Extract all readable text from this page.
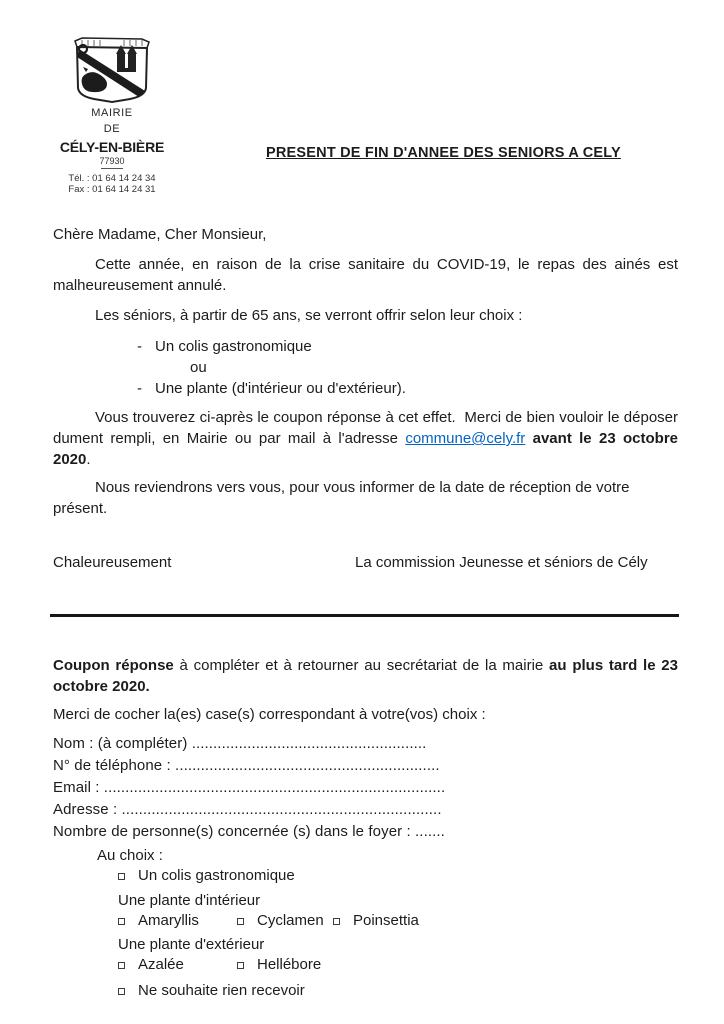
MAIRIE
DE
CÉLY-EN-BIÈRE
77930
Tél. : 01 64 14 24 34
Fax : 01 64 14 24 31
PRESENT DE FIN D'ANNEE DES SENIORS A CELY

Chère Madame, Cher Monsieur,

Cette année, en raison de la crise sanitaire du COVID-19, le repas des ainés est malheureusement annulé.

Les séniors, à partir de 65 ans, se verront offrir selon leur choix :

- Un colis gastronomique
ou
- Une plante (d'intérieur ou d'extérieur).

Vous trouverez ci-après le coupon réponse à cet effet.  Merci de bien vouloir le déposer dument rempli, en Mairie ou par mail à l'adresse commune@cely.fr avant le 23 octobre 2020.

Nous reviendrons vers vous, pour vous informer de la date de réception de votre présent.

Chaleureusement	La commission Jeunesse et séniors de Cély

Coupon réponse à compléter et à retourner au secrétariat de la mairie au plus tard le 23 octobre 2020.

Merci de cocher la(es) case(s) correspondant à votre(vos) choix :

Nom : (à compléter) .......................................................
N° de téléphone : ..............................................................
Email : ................................................................................
Adresse : ...........................................................................
Nombre de personne(s) concernée (s) dans le foyer : .......
Au choix :
Un colis gastronomique
Une plante d'intérieur
Amaryllis	Cyclamen Poinsettia
Une plante d'extérieur
Azalée	Hellébore
Ne souhaite rien recevoir
